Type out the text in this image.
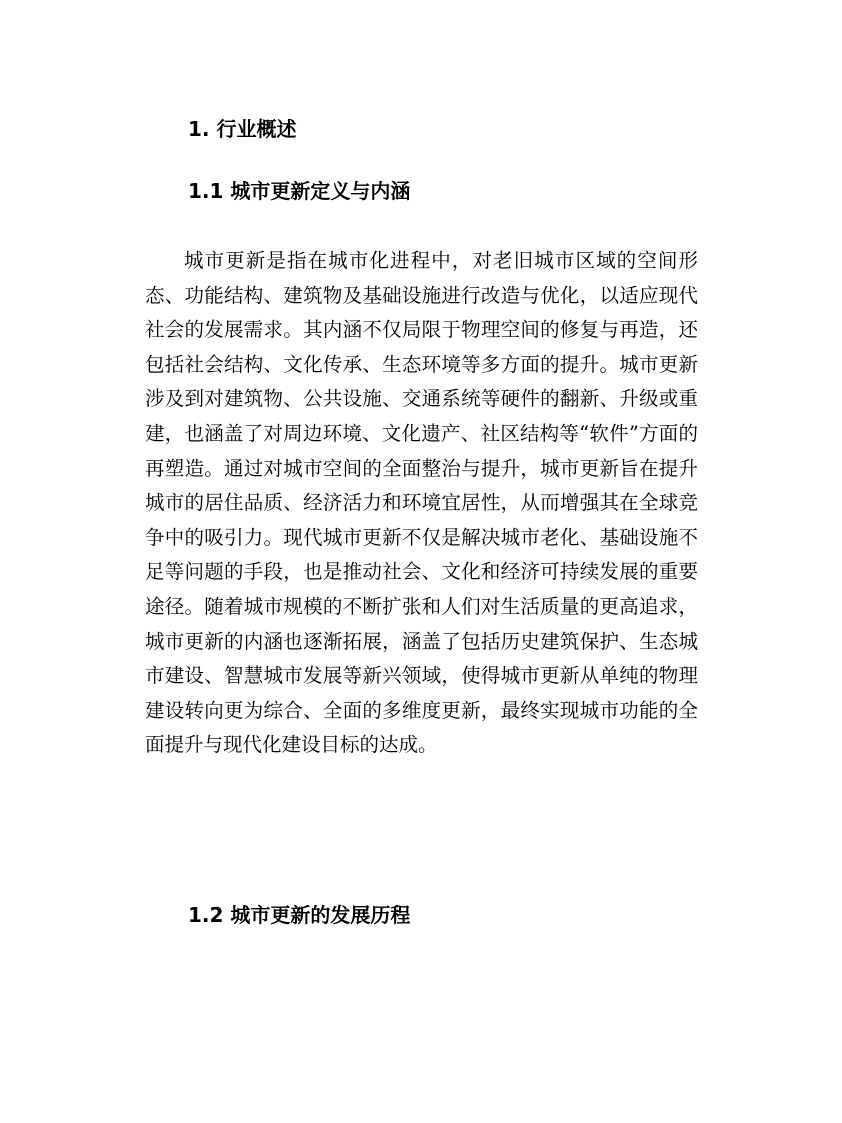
1. 行业概述
1.1 城市更新定义与内涵

城市更新是指在城市化进程中，对老旧城市区域的空间形态、功能结构、建筑物及基础设施进行改造与优化，以适应现代社会的发展需求。其内涵不仅局限于物理空间的修复与再造，还包括社会结构、文化传承、生态环境等多方面的提升。城市更新涉及到对建筑物、公共设施、交通系统等硬件的翻新、升级或重建，也涵盖了对周边环境、文化遗产、社区结构等“软件”方面的再塑造。通过对城市空间的全面整治与提升，城市更新旨在提升城市的居住品质、经济活力和环境宜居性，从而增强其在全球竞争中的吸引力。现代城市更新不仅是解决城市老化、基础设施不足等问题的手段，也是推动社会、文化和经济可持续发展的重要途径。随着城市规模的不断扩张和人们对生活质量的更高追求，城市更新的内涵也逐渐拓展，涵盖了包括历史建筑保护、生态城市建设、智慧城市发展等新兴领域，使得城市更新从单纯的物理建设转向更为综合、全面的多维度更新，最终实现城市功能的全面提升与现代化建设目标的达成。

1.2 城市更新的发展历程
